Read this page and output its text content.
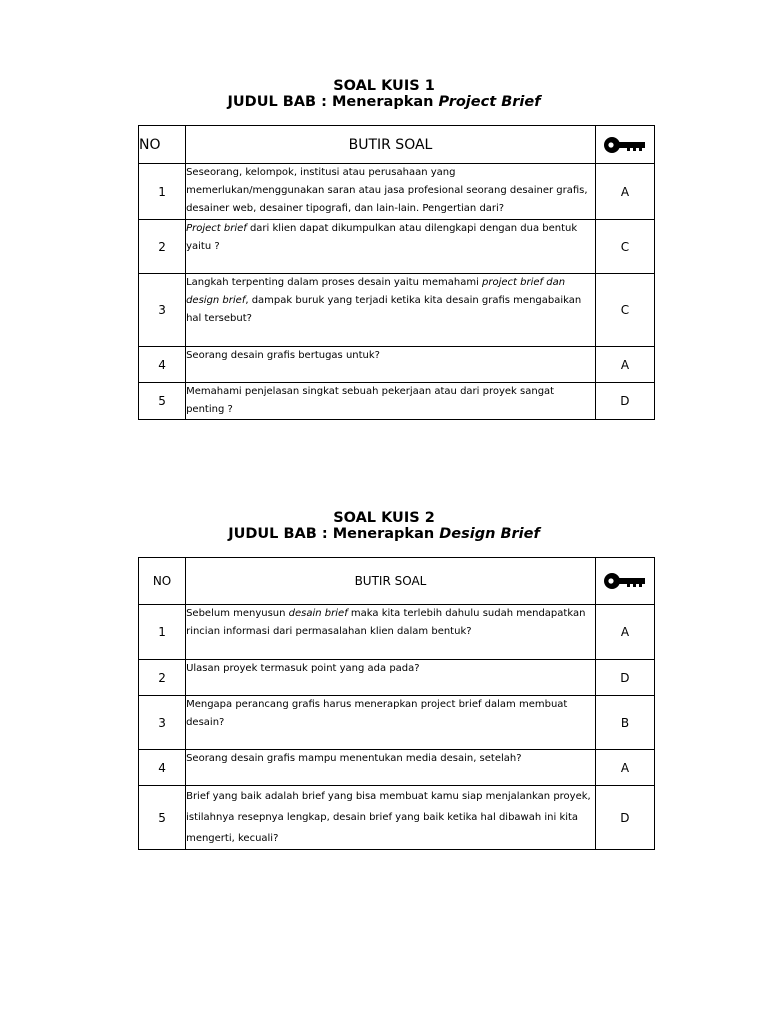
SOAL KUIS 1
JUDUL BAB : Menerapkan Project Brief
NO	BUTIR SOAL	
1	Seseorang, kelompok, institusi atau perusahaan yang memerlukan/menggunakan saran atau jasa profesional seorang desainer grafis, desainer web, desainer tipografi, dan lain-lain. Pengertian dari?	A
2	Project brief dari klien dapat dikumpulkan atau dilengkapi dengan dua bentuk yaitu ?	C
3	Langkah terpenting dalam proses desain yaitu memahami project brief dan design brief, dampak buruk yang terjadi ketika kita desain grafis mengabaikan hal tersebut?	C
4	Seorang desain grafis bertugas untuk?	A
5	Memahami penjelasan singkat sebuah pekerjaan atau dari proyek sangat penting ?	D
SOAL KUIS 2
JUDUL BAB : Menerapkan Design Brief
NO	BUTIR SOAL	
1	Sebelum menyusun desain brief maka kita terlebih dahulu sudah mendapatkan rincian informasi dari permasalahan klien dalam bentuk?	A
2	Ulasan proyek termasuk point yang ada pada?	D
3	Mengapa perancang grafis harus menerapkan project brief dalam membuat desain?	B
4	Seorang desain grafis mampu menentukan media desain, setelah?	A
5	Brief yang baik adalah brief yang bisa membuat kamu siap menjalankan proyek, istilahnya resepnya lengkap, desain brief yang baik ketika hal dibawah ini kita mengerti, kecuali?	D
